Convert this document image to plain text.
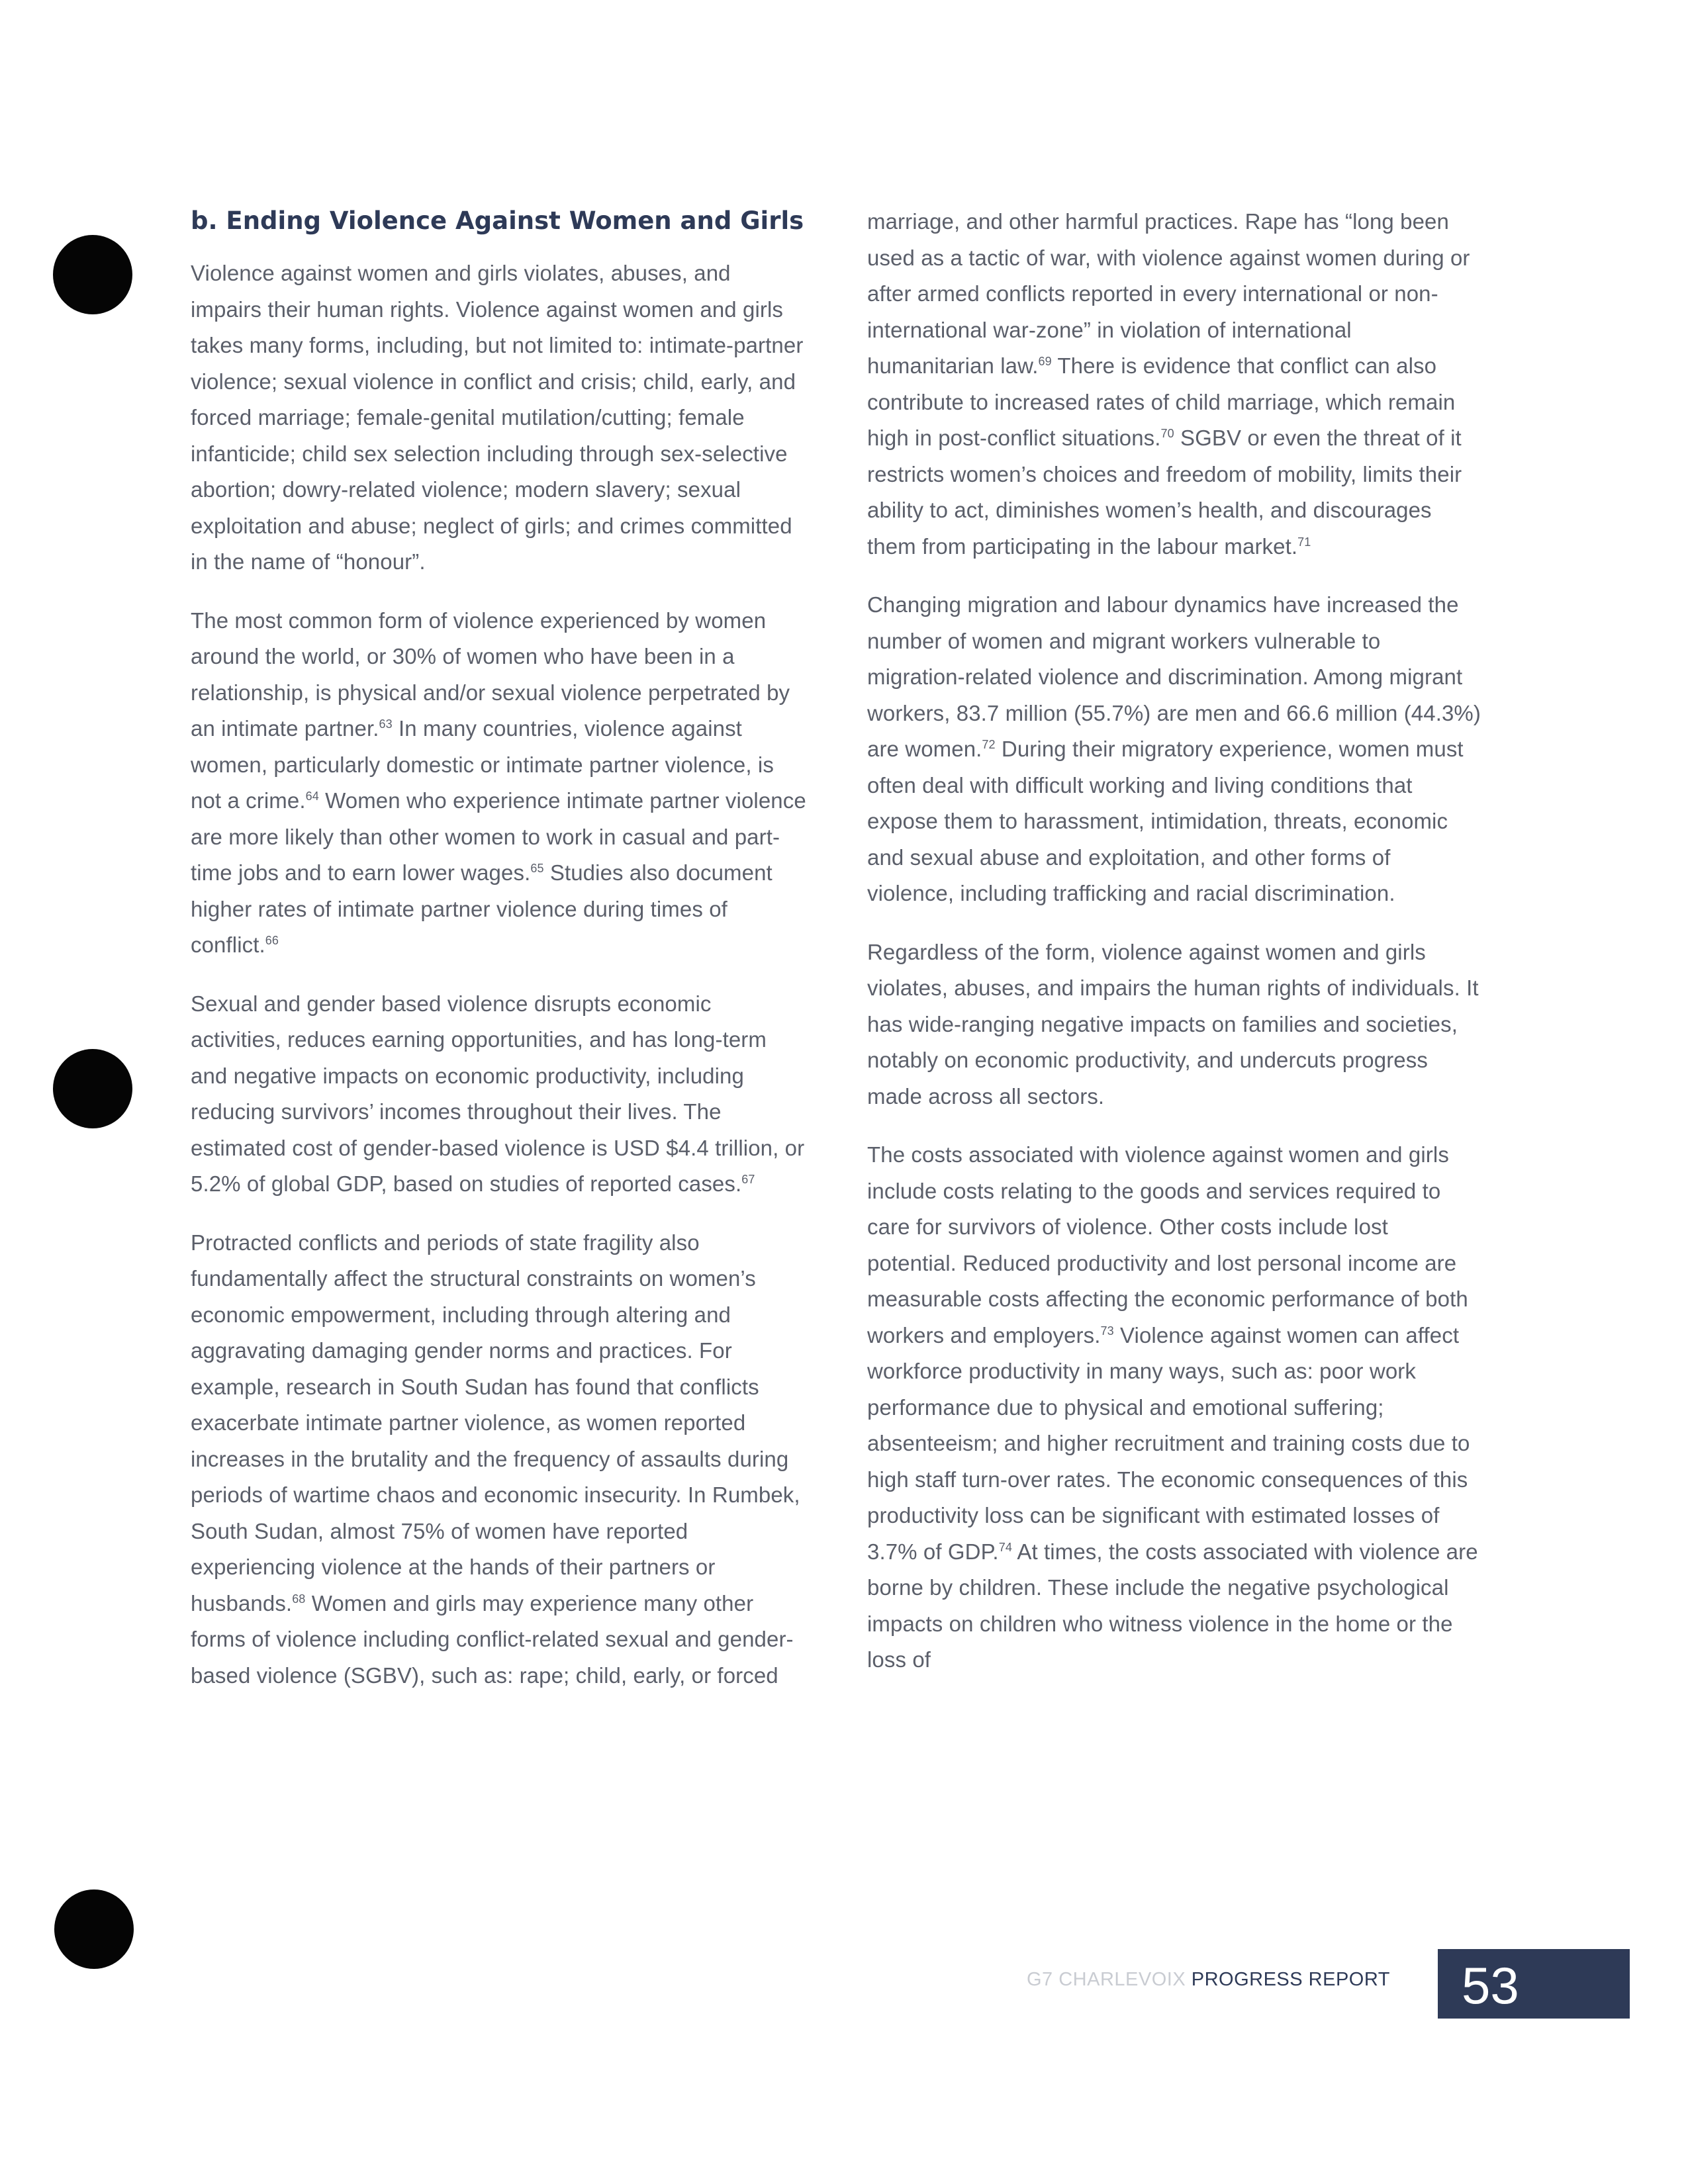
b. Ending Violence Against Women and Girls

Violence against women and girls violates, abuses, and impairs their human rights. Violence against women and girls takes many forms, including, but not limited to: intimate-partner violence; sexual violence in conflict and crisis; child, early, and forced marriage; female-genital mutilation/cutting; female infanticide; child sex selection including through sex-selective abortion; dowry-related violence; modern slavery; sexual exploitation and abuse; neglect of girls; and crimes committed in the name of “honour”.

The most common form of violence experienced by women around the world, or 30% of women who have been in a relationship, is physical and/or sexual violence perpetrated by an intimate partner.$^{63}$ In many countries, violence against women, particularly domestic or intimate partner violence, is not a crime.$^{64}$ Women who experience intimate partner violence are more likely than other women to work in casual and part-time jobs and to earn lower wages.$^{65}$ Studies also document higher rates of intimate partner violence during times of conflict.$^{66}$

Sexual and gender based violence disrupts economic activities, reduces earning opportunities, and has long-term and negative impacts on economic productivity, including reducing survivors’ incomes throughout their lives. The estimated cost of gender-based violence is USD $4.4 trillion, or 5.2% of global GDP, based on studies of reported cases.$^{67}$

Protracted conflicts and periods of state fragility also fundamentally affect the structural constraints on women’s economic empowerment, including through altering and aggravating damaging gender norms and practices. For example, research in South Sudan has found that conflicts exacerbate intimate partner violence, as women reported increases in the brutality and the frequency of assaults during periods of wartime chaos and economic insecurity. In Rumbek, South Sudan, almost 75% of women have reported experiencing violence at the hands of their partners or husbands.$^{68}$ Women and girls may experience many other forms of violence including conflict-related sexual and gender-based violence (SGBV), such as: rape; child, early, or forced

marriage, and other harmful practices. Rape has “long been used as a tactic of war, with violence against women during or after armed conflicts reported in every international or non-international war-zone” in violation of international humanitarian law.$^{69}$ There is evidence that conflict can also contribute to increased rates of child marriage, which remain high in post-conflict situations.$^{70}$ SGBV or even the threat of it restricts women’s choices and freedom of mobility, limits their ability to act, diminishes women’s health, and discourages them from participating in the labour market.$^{71}$

Changing migration and labour dynamics have increased the number of women and migrant workers vulnerable to migration-related violence and discrimination. Among migrant workers, 83.7 million (55.7%) are men and 66.6 million (44.3%) are women.$^{72}$ During their migratory experience, women must often deal with difficult working and living conditions that expose them to harassment, intimidation, threats, economic and sexual abuse and exploitation, and other forms of violence, including trafficking and racial discrimination.

Regardless of the form, violence against women and girls violates, abuses, and impairs the human rights of individuals. It has wide-ranging negative impacts on families and societies, notably on economic productivity, and undercuts progress made across all sectors.

The costs associated with violence against women and girls include costs relating to the goods and services required to care for survivors of violence. Other costs include lost potential. Reduced productivity and lost personal income are measurable costs affecting the economic performance of both workers and employers.$^{73}$ Violence against women can affect workforce productivity in many ways, such as: poor work performance due to physical and emotional suffering; absenteeism; and higher recruitment and training costs due to high staff turn-over rates. The economic consequences of this productivity loss can be significant with estimated losses of 3.7% of GDP.$^{74}$ At times, the costs associated with violence are borne by children. These include the negative psychological impacts on children who witness violence in the home or the loss of

G7 CHARLEVOIX PROGRESS REPORT	53
